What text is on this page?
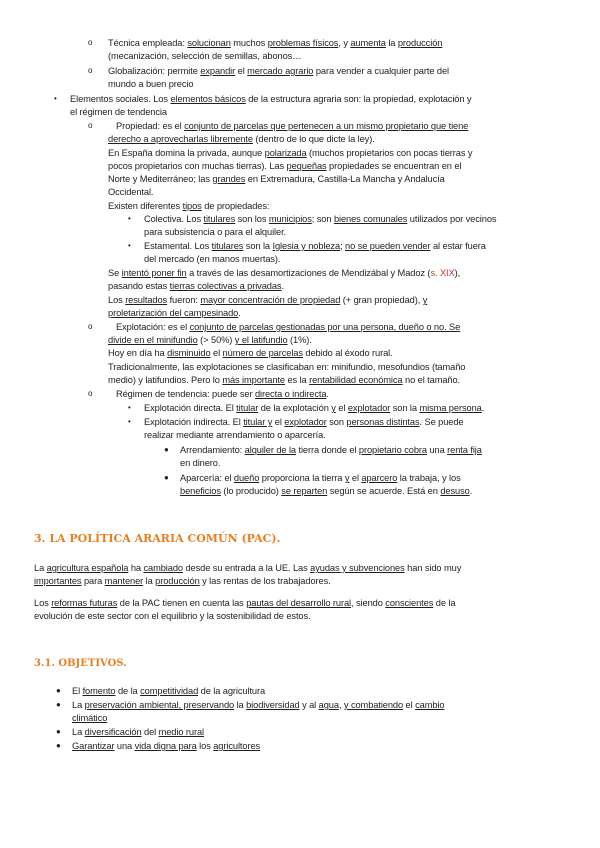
3. LA POLÍTICA ARARIA COMÚN (PAC).
3.1. OBJETIVOS.
o Técnica empleada: solucionan muchos problemas físicos, y aumenta la producción
(mecanización, selección de semillas, abonos…
o Globalización: permite expandir el mercado agrario para vender a cualquier parte del
mundo a buen precio
• Elementos sociales. Los elementos básicos de la estructura agraria son: la propiedad, explotación y
el régimen de tendencia
o	Propiedad: es el conjunto de parcelas que pertenecen a un mismo propietario que tiene
derecho a aprovecharlas libremente (dentro de lo que dicte la ley).
En España domina la privada, aunque polarizada (muchos propietarios con pocas tierras y
pocos propietarios con muchas tierras). Las pequeñas propiedades se encuentran en el
Norte y Mediterráneo; las grandes en Extremadura, Castilla-La Mancha y Andalucía
Occidental.
Existen diferentes tipos de propiedades:
• Colectiva. Los titulares son los municipios; son bienes comunales utilizados por vecinos
para subsistencia o para el alquiler.
• Estamental. Los titulares son la Iglesia y nobleza; no se pueden vender al estar fuera
del mercado (en manos muertas).
Se intentó poner fin a través de las desamortizaciones de Mendizábal y Madoz (s. XIX),
pasando estas tierras colectivas a privadas.
Los resultados fueron: mayor concentración de propiedad (+ gran propiedad), y
proletarización del campesinado.
o	Explotación: es el conjunto de parcelas gestionadas por una persona, dueño o no. Se
divide en el minifundio (> 50%) y el latifundio (1%).
Hoy en día ha disminuido el número de parcelas debido al éxodo rural.
Tradicionalmente, las explotaciones se clasificaban en: minifundio, mesofundios (tamaño
medio) y latifundios. Pero lo más importante es la rentabilidad económica no el tamaño.
o	Régimen de tendencia: puede ser directa o indirecta.
• Explotación directa. El titular de la explotación y el explotador son la misma persona.
• Explotación indirecta. El titular y el explotador son personas distintas. Se puede
realizar mediante arrendamiento o aparcería.
● Arrendamiento: alquiler de la tierra donde el propietario cobra una renta fija
en dinero.
● Aparcería: el dueño proporciona la tierra y el aparcero la trabaja, y los
beneficios (lo producido) se reparten según se acuerde. Está en desuso.
La agricultura española ha cambiado desde su entrada a la UE. Las ayudas y subvenciones han sido muy
importantes para mantener la producción y las rentas de los trabajadores.
Los reformas futuras de la PAC tienen en cuenta las pautas del desarrollo rural, siendo conscientes de la
evolución de este sector con el equilibrio y la sostenibilidad de estos.
● El fomento de la competitividad de la agricultura
● La preservación ambiental, preservando la biodiversidad y al agua, y combatiendo el cambio
climático
● La diversificación del medio rural
● Garantizar una vida digna para los agricultores
